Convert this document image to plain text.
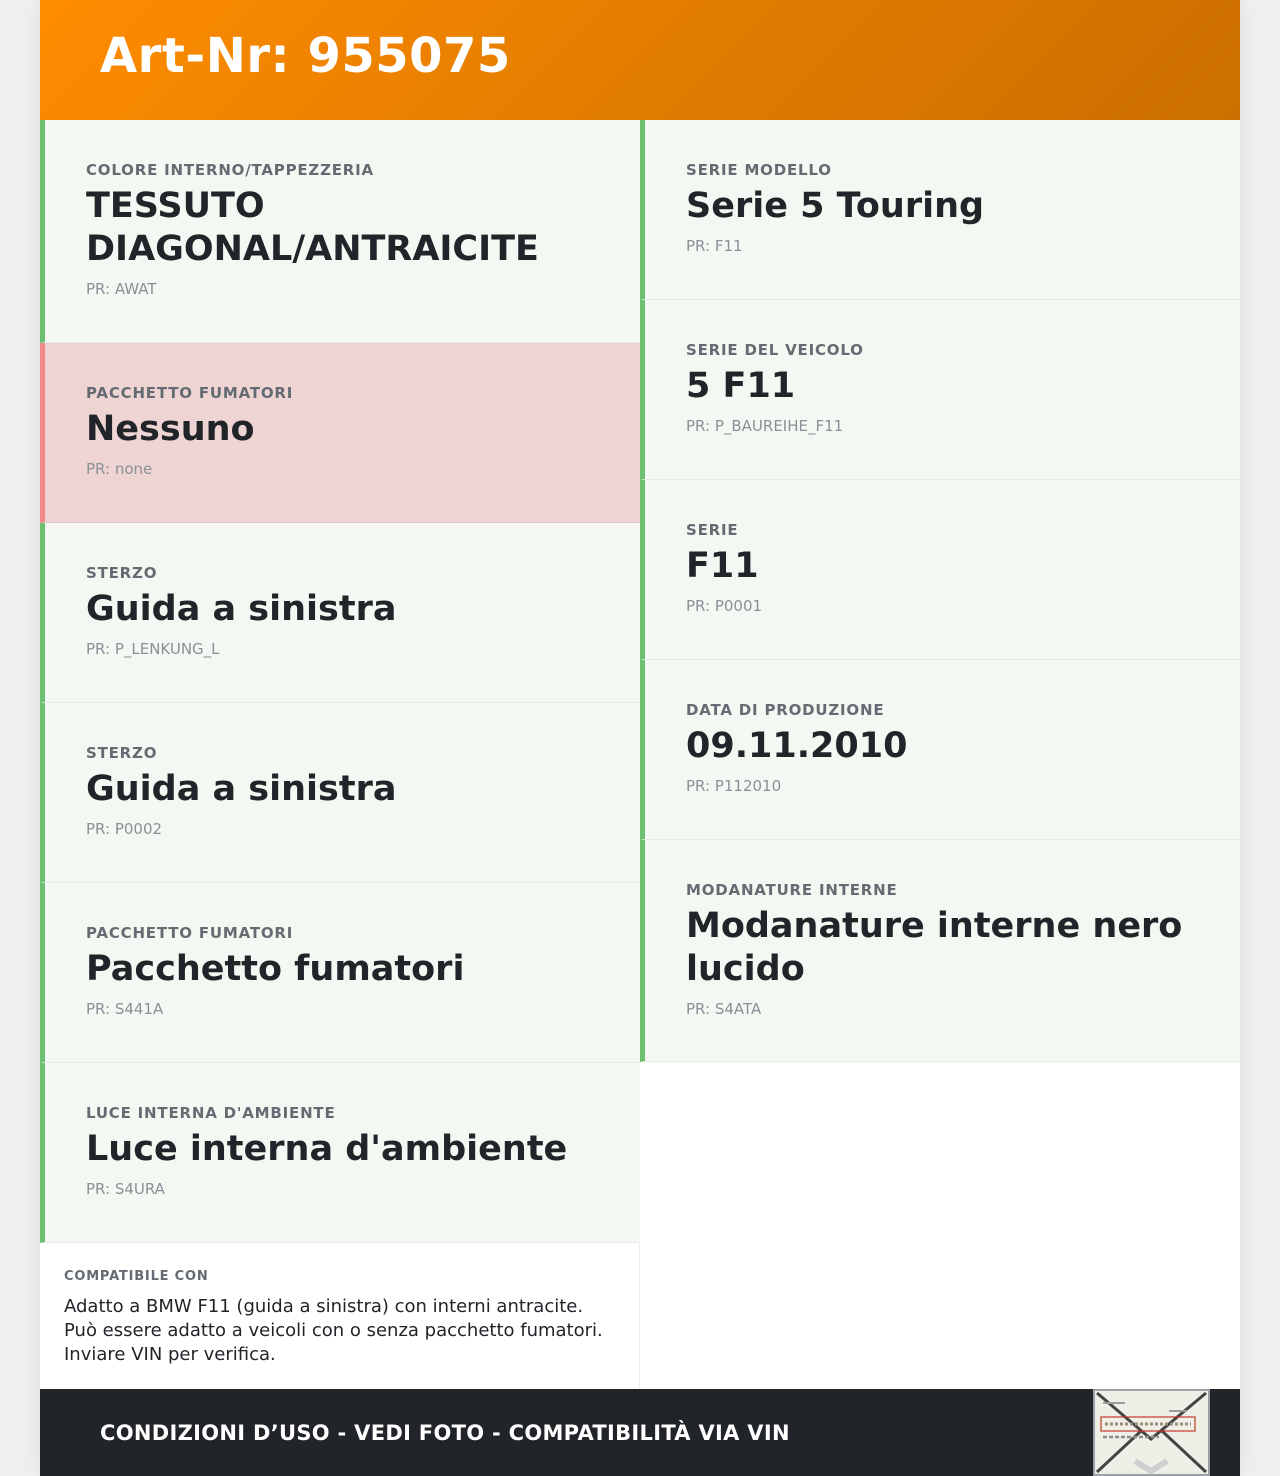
Art-Nr: 955075
COLORE INTERNO/TAPPEZZERIA
TESSUTO DIAGONAL/ANTRAICITE
PR: AWAT
PACCHETTO FUMATORI
Nessuno
PR: none
STERZO
Guida a sinistra
PR: P_LENKUNG_L
STERZO
Guida a sinistra
PR: P0002
PACCHETTO FUMATORI
Pacchetto fumatori
PR: S441A
LUCE INTERNA D'AMBIENTE
Luce interna d'ambiente
PR: S4URA
SERIE MODELLO
Serie 5 Touring
PR: F11
SERIE DEL VEICOLO
5 F11
PR: P_BAUREIHE_F11
SERIE
F11
PR: P0001
DATA DI PRODUZIONE
09.11.2010
PR: P112010
MODANATURE INTERNE
Modanature interne nero lucido
PR: S4ATA
COMPATIBILE CON
Adatto a BMW F11 (guida a sinistra) con interni antracite. Può essere adatto a veicoli con o senza pacchetto fumatori. Inviare VIN per verifica.
CONDIZIONI D’USO - VEDI FOTO - COMPATIBILITÀ VIA VIN
